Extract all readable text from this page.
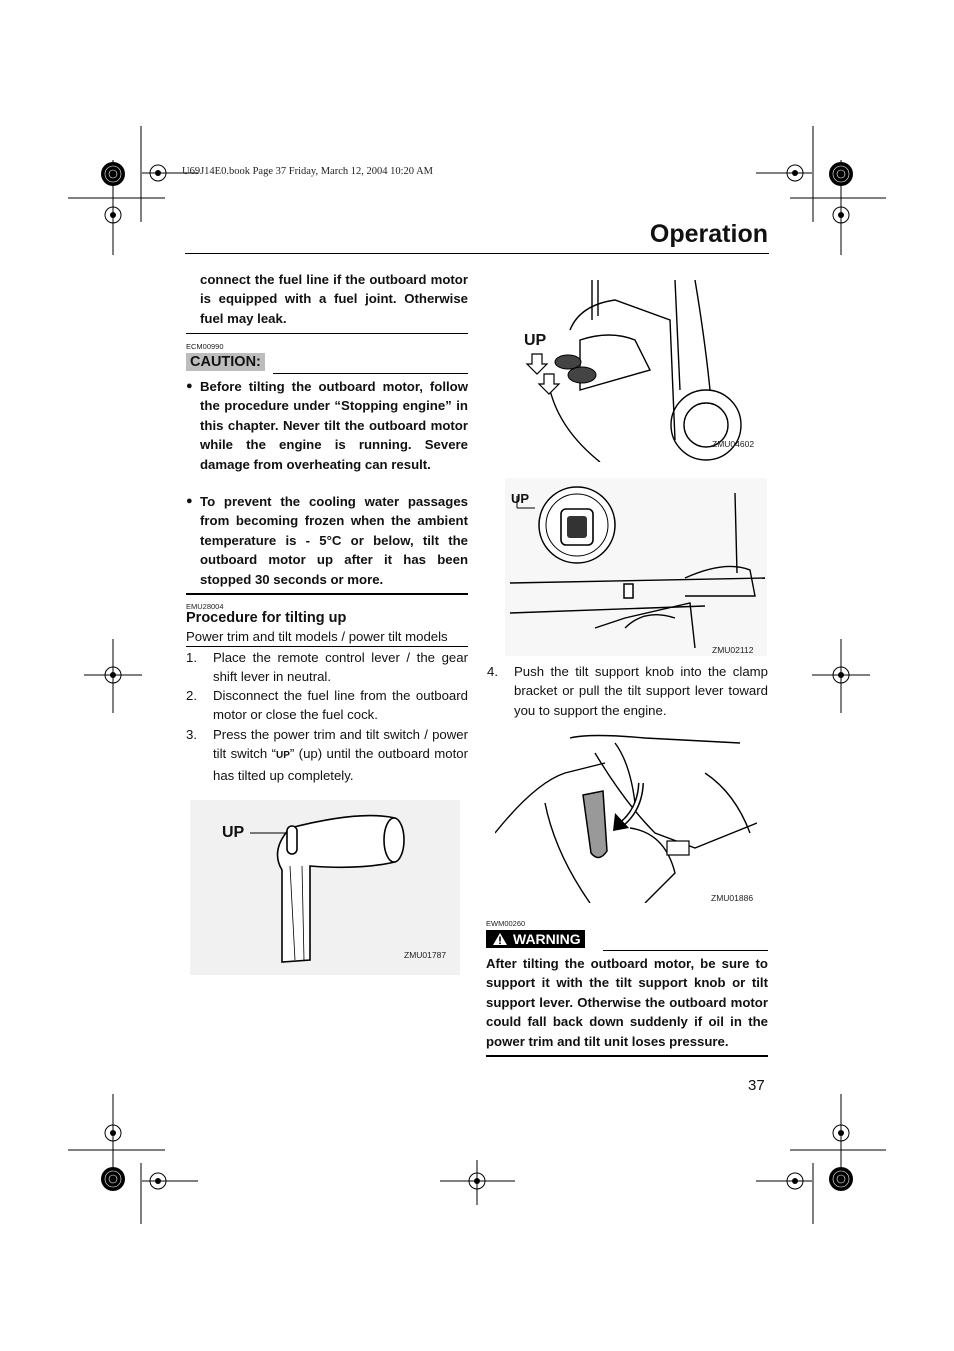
U69J14E0.book Page 37 Friday, March 12, 2004 10:20 AM
Operation
connect the fuel line if the outboard motor is equipped with a fuel joint. Otherwise fuel may leak.
ECM00990
CAUTION:
● Before tilting the outboard motor, follow the procedure under “Stopping engine” in this chapter. Never tilt the outboard motor while the engine is running. Severe damage from overheating can result.
● To prevent the cooling water passages from becoming frozen when the ambient temperature is - 5°C or below, tilt the outboard motor up after it has been stopped 30 seconds or more.
EMU28004
Procedure for tilting up
Power trim and tilt models / power tilt models
1. Place the remote control lever / the gear shift lever in neutral.
2. Disconnect the fuel line from the outboard motor or close the fuel cock.
3. Press the power trim and tilt switch / power tilt switch “UP” (up) until the outboard motor has tilted up completely.
UP
ZMU01787
UP
ZMU04602
UP
ZMU02112
4. Push the tilt support knob into the clamp bracket or pull the tilt support lever toward you to support the engine.
ZMU01886
EWM00260
WARNING
After tilting the outboard motor, be sure to support it with the tilt support knob or tilt support lever. Otherwise the outboard motor could fall back down suddenly if oil in the power trim and tilt unit loses pressure.
37
